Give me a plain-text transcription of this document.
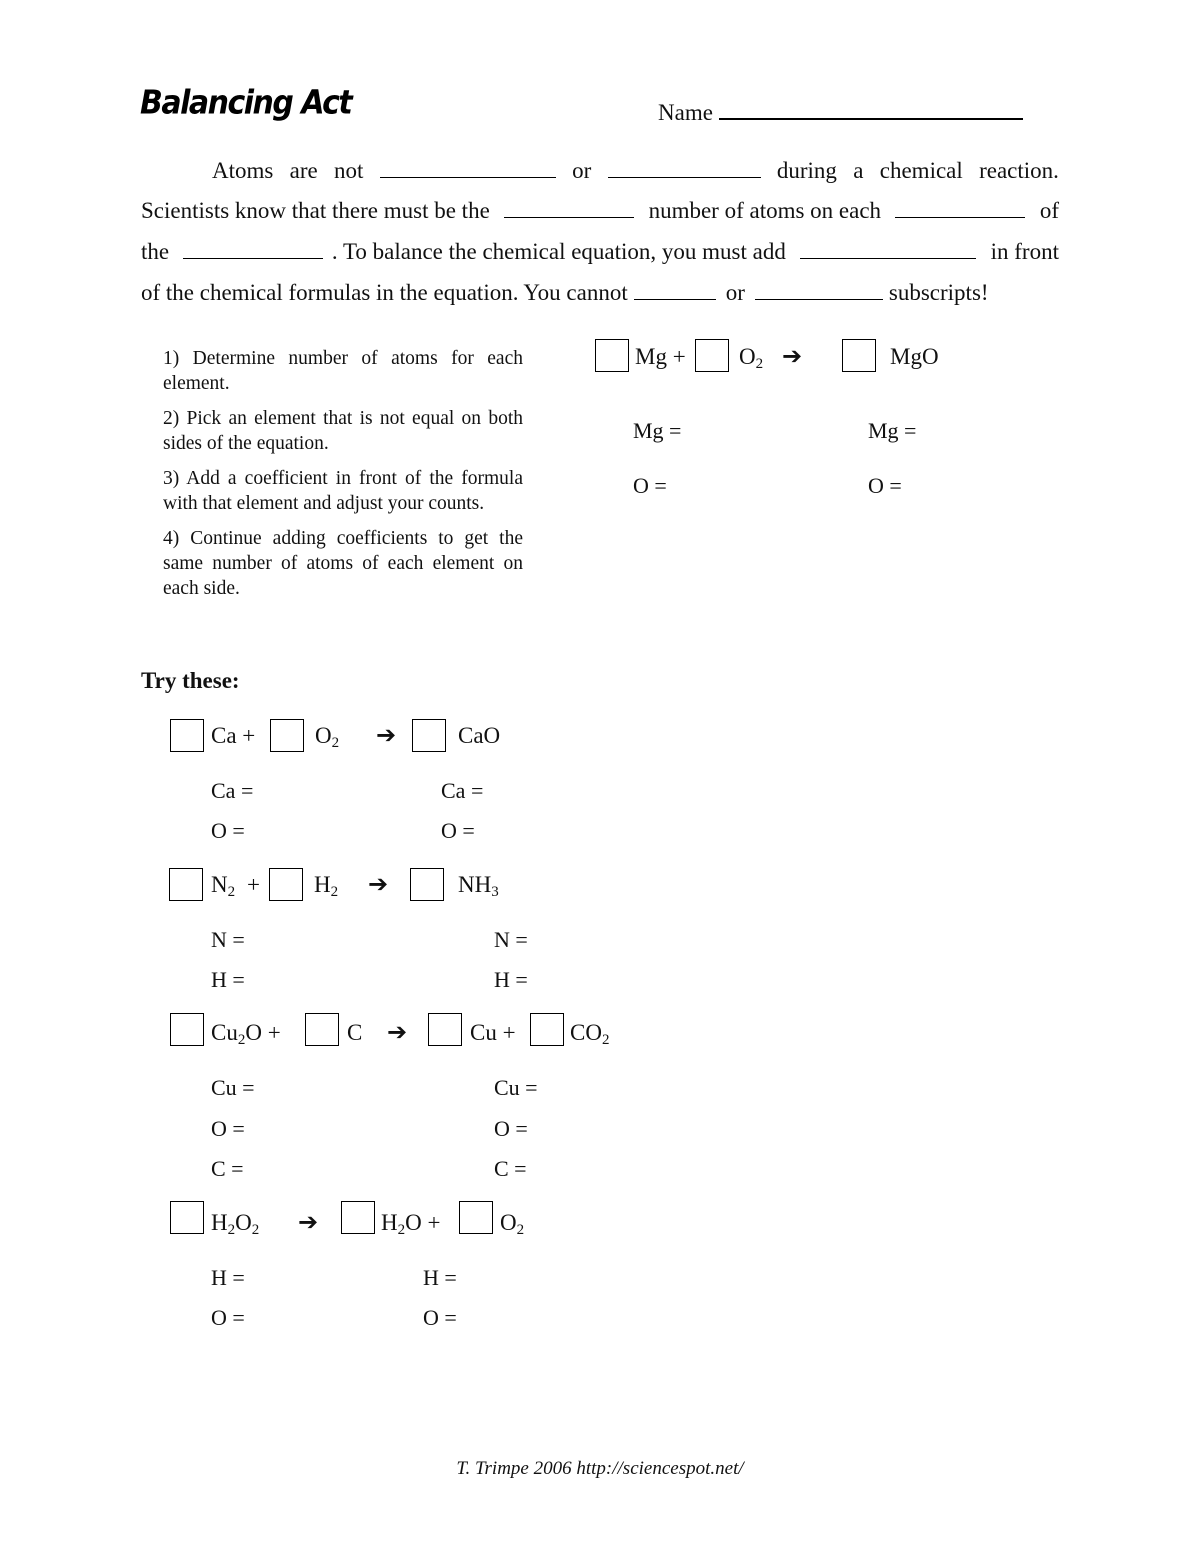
Balancing Act	Name
Atoms are not	or	during a chemical reaction.
Scientists know that there must be the	number of atoms on each	of
the	. To balance the chemical equation, you must add	in front
of the chemical formulas in the equation. You cannot	or	subscripts!

1) Determine number of atoms for each element.

2) Pick an element that is not equal on both sides of the equation.

3) Add a coefficient in front of the formula with that element and adjust your counts.

4) Continue adding coefficients to get the same number of atoms of each element on each side.

$Mg + O_2$ ➔	MgO
Mg =
O =
Mg =
O =
Try these:
Ca +	$O_2$ ➔	CaO
Ca =
O =
Ca =
O =
$N_2 + H_2$ ➔	$NH_3$
N =
H =
N =
H =
$Cu_2O$ +	C ➔	$Cu + CO_2$
Cu =
O =
C =
Cu =
O =
C =
$H_2O_2$ ➔	$H_2O$ +	$O_2$
H =
O =
H =
O =
T. Trimpe 2006 http://sciencespot.net/
